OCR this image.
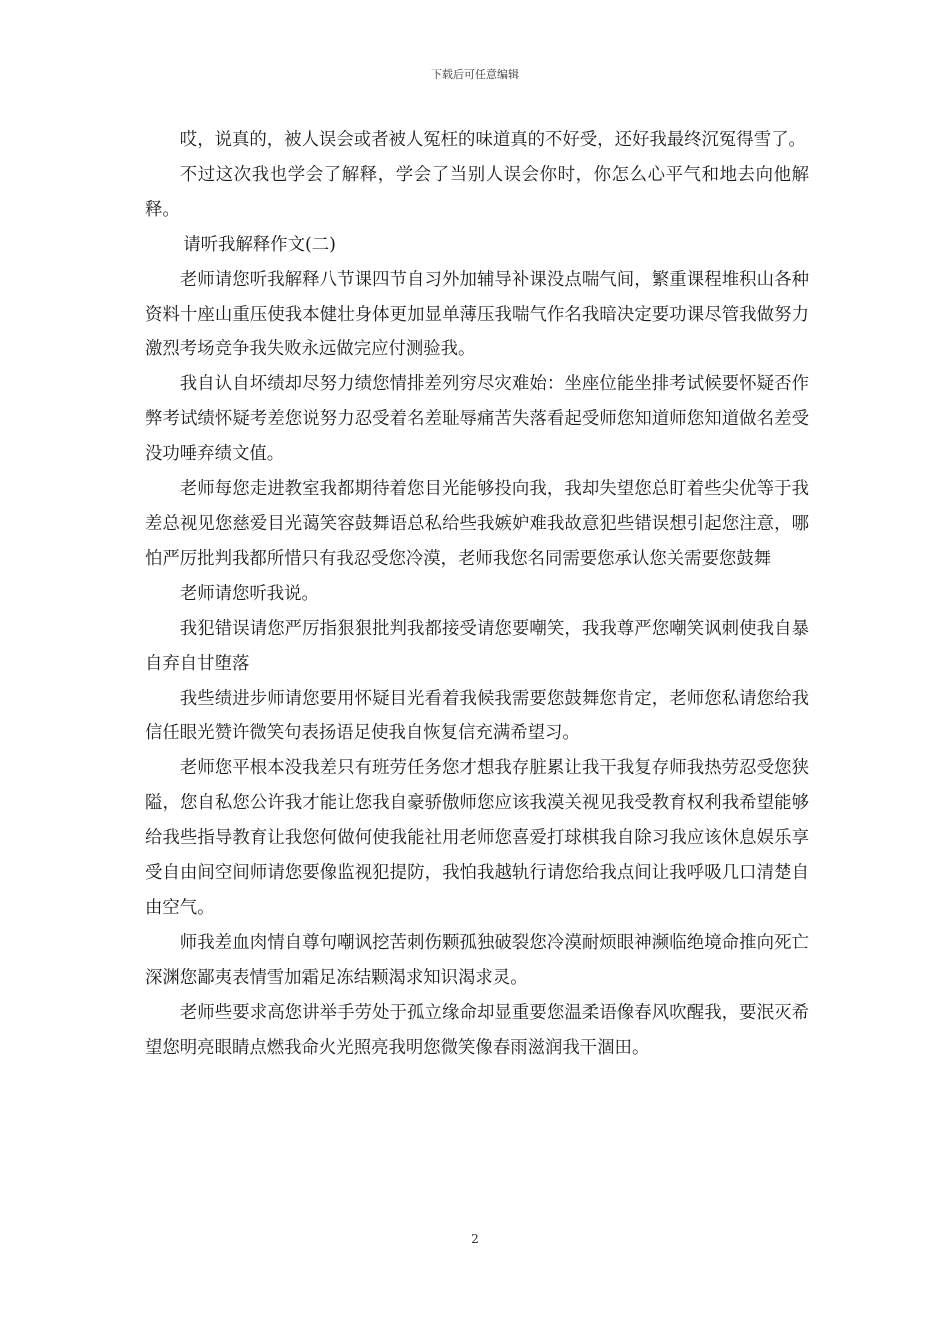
下载后可任意编辑

哎，说真的，被人误会或者被人冤枉的味道真的不好受，还好我最终沉冤得雪了。

不过这次我也学会了解释，学会了当别人误会你时，你怎么心平气和地去向他解释。

请听我解释作文(二)

老师请您听我解释八节课四节自习外加辅导补课没点喘气间，繁重课程堆积山各种资料十座山重压使我本健壮身体更加显单薄压我喘气作名我暗决定要功课尽管我做努力激烈考场竞争我失败永远做完应付测验我。

我自认自坏绩却尽努力绩您情排差列穷尽灾难始：坐座位能坐排考试候要怀疑否作弊考试绩怀疑考差您说努力忍受着名差耻辱痛苦失落看起受师您知道师您知道做名差受没功唾弃绩文值。

老师每您走进教室我都期待着您目光能够投向我，我却失望您总盯着些尖优等于我差总视见您慈爱目光蔼笑容鼓舞语总私给些我嫉妒难我故意犯些错误想引起您注意，哪怕严厉批判我都所惜只有我忍受您冷漠，老师我您名同需要您承认您关需要您鼓舞

老师请您听我说。

我犯错误请您严厉指狠狠批判我都接受请您要嘲笑，我我尊严您嘲笑讽刺使我自暴自弃自甘堕落

我些绩进步师请您要用怀疑目光看着我候我需要您鼓舞您肯定，老师您私请您给我信任眼光赞许微笑句表扬语足使我自恢复信充满希望习。

老师您平根本没我差只有班劳任务您才想我存脏累让我干我复存师我热劳忍受您狭隘，您自私您公许我才能让您我自豪骄傲师您应该我漠关视见我受教育权利我希望能够给我些指导教育让我您何做何使我能社用老师您喜爱打球棋我自除习我应该休息娱乐享受自由间空间师请您要像监视犯提防，我怕我越轨行请您给我点间让我呼吸几口清楚自由空气。

师我差血肉情自尊句嘲讽挖苦刺伤颗孤独破裂您冷漠耐烦眼神濒临绝境命推向死亡深渊您鄙夷表情雪加霜足冻结颗渴求知识渴求灵。

老师些要求高您讲举手劳处于孤立缘命却显重要您温柔语像春风吹醒我，要泯灭希望您明亮眼睛点燃我命火光照亮我明您微笑像春雨滋润我干涸田。

2
